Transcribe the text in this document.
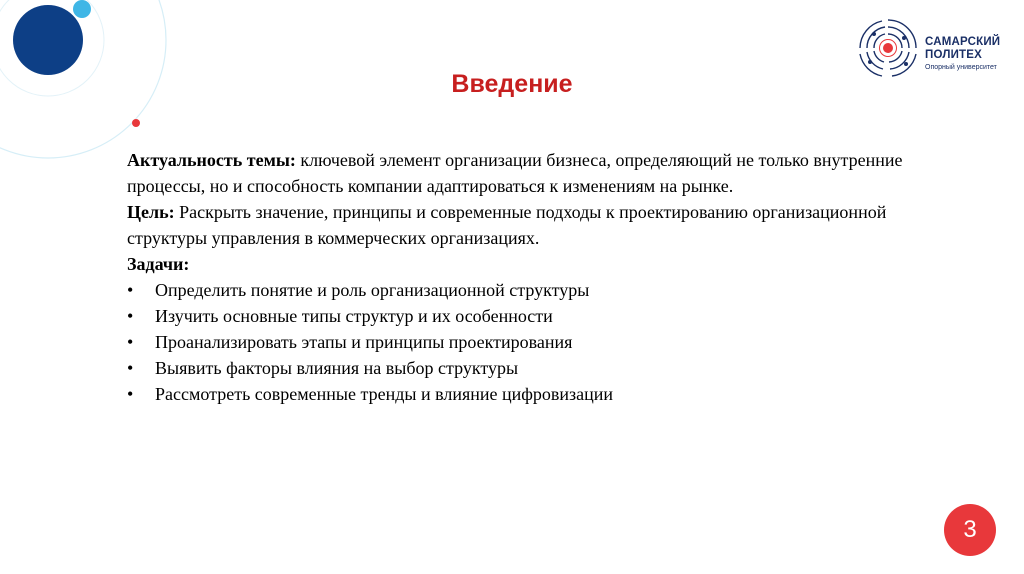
САМАРСКИЙ
ПОЛИТЕХ
Опорный университет
Введение

Актуальность темы: ключевой элемент организации бизнеса, определяющий не только внутренние процессы, но и способность компании адаптироваться к изменениям на рынке.

Цель: Раскрыть значение, принципы и современные подходы к проектированию организационной структуры управления в коммерческих организациях.

Задачи:

• Определить понятие и роль организационной структуры
• Изучить основные типы структур и их особенности
• Проанализировать этапы и принципы проектирования
• Выявить факторы влияния на выбор структуры
• Рассмотреть современные тренды и влияние цифровизации
3
